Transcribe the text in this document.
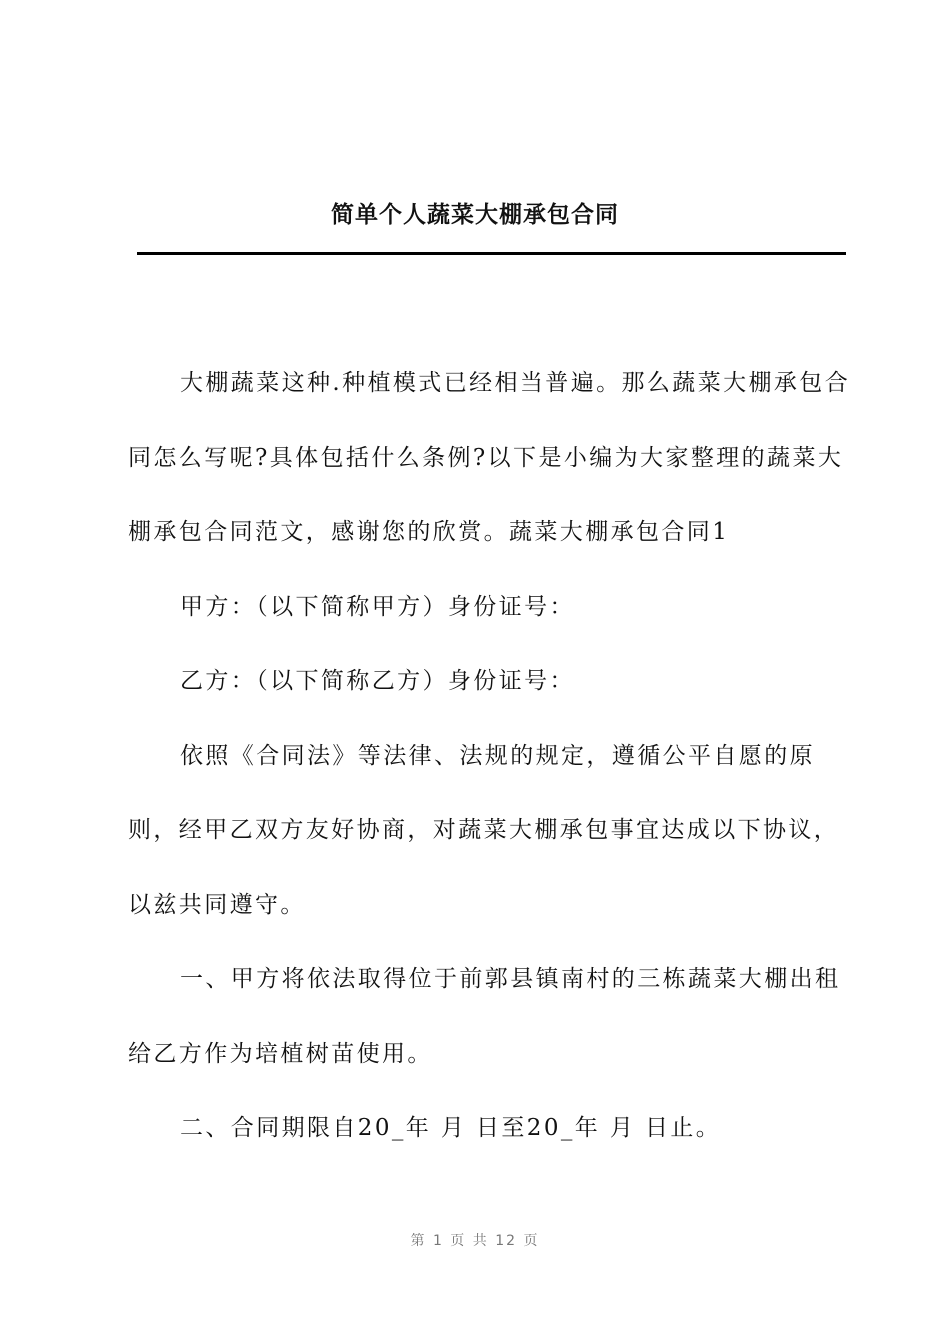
简单个人蔬菜大棚承包合同

大棚蔬菜这种.种植模式已经相当普遍。那么蔬菜大棚承包合同怎么写呢?具体包括什么条例?以下是小编为大家整理的蔬菜大棚承包合同范文，感谢您的欣赏。蔬菜大棚承包合同1

甲方：（以下简称甲方）身份证号：

乙方：（以下简称乙方）身份证号：

依照《合同法》等法律、法规的规定，遵循公平自愿的原则，经甲乙双方友好协商，对蔬菜大棚承包事宜达成以下协议，以兹共同遵守。

一、甲方将依法取得位于前郭县镇南村的三栋蔬菜大棚出租给乙方作为培植树苗使用。

二、合同期限自20_年 月 日至20_年 月 日止。

第 1 页 共 12 页
